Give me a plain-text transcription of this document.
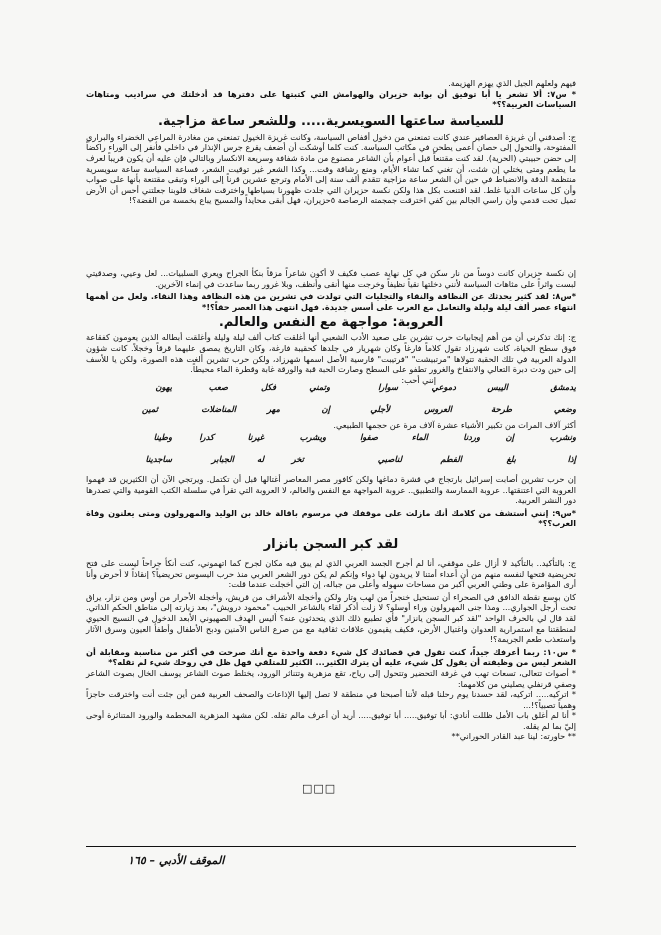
فيهم ولعلهم الجيل الذي يهزم الهزيمة.

* س٧: ألا تشعر يا أبا توفيق أن بوابة حزيران والهوامش التي كتبتها على دفترها قد أدخلتك في سراديب ومتاهات السياسات العربية؟؟*

للسياسة ساعتها السويسرية..... وللشعر ساعة مزاجية.

ج: أصدقني أن غريزة العصافير عندي كانت تمنعني من دخول أقفاص السياسة، وكانت غريزة الخيول تمنعني من مغادرة المراعي الخضراء والبراري المفتوحة، والتحول إلى حصان أعمى يطحن في مكاتب السياسة. كنت كلما أوشكت أن أضعف يقرع جرس الإنذار في داخلي فأنفر إلى الوراء راكضاً إلى حضن حبيبتي (الحرية). لقد كنت مقتنعاً قبل أعوام بأن الشاعر مصنوع من مادة شفافة وسريعة الانكسار وبالتالي فإن عليه أن يكون قريباً لعرف ما يطعم ومتى يختلي إن شئت، أن تغني كما تشاء الأيام، ومنع رشاقة وقت... وكذا الشعر غير توقيت الشعر، فساعة السياسة ساعة سويسرية منتظمة الدقة والانضباط في حين أن الشعر ساعة مزاجية تتقدم ألف سنة إلى الأمام وترجع عشرين قرناً إلى الوراء وتبقى مقتنعة بأنها على صواب وأن كل ساعات الدنيا غلط. لقد اقتنعت بكل هذا ولكن نكسة حزيران التي جلدت ظهورنا بسياطها واخترقت شغاف قلوبنا جعلتني أحس أن الأرض تميل تحت قدمي وأن راسي الجالم بين كفي اخترقت جمجمته الرصاصة ٥حزيران، فهل أبقى محايداً والمسيح يباع بخمسة من الفضة؟!

إن نكسة حزيران كانت دوساً من نار سكن في كل نهاية عصب فكيف لا أكون شاعراً مزقاً بنكأ الجراح ويعري السلبيات... لعل وعيي، وصدقيتي لبست واثراً على مثاهات السياسة لأنني دخلتها نقياً نظيفاً وخرجت منها أنقى وأنظف، وبلا غرور ربما ساعدت في إنماء الآخرين.

*س٨: لقد كثير يحدثك عن النظافة والنقاء والتجليات التي تولدت في تشرين من هذه النظافة وهذا النقاء. ولعل من أهمها انتهاء عصر ألف ليلة وليلة والتعامل مع العرب على أسس جديدة. فهل انتهى هذا العصر حقاً؟!*

العروبة: مواجهة مع النفس والعالم.

ج: إنك تذكرني أن من أهم إيجابيات حرب تشرين على صعيد الأدب الشعبي أنها أغلقت كتاب ألف ليلة وليلة وأغلقت أبطاله الذين يعومون كفقاعة فوق سطح الحياة، كانت شهرزاد تقول كلاماً فارغاً وكان شهريار في جلدها كحقيبة فارغة، وكان التاريخ يمصق عليهما قرقاً وخجلاً. كانت شؤون الدولة العربية في تلك الحقبة تتولاها "مرتبيشت" "فرتيبت" فارسية الأصل اسمها شهرزاد، ولكن حرب تشرين ألغت هذه الصورة، ولكن يا للأسف إلى حين ودت دبرة التعالي والانتفاخ والغرور تطفو على السطح وصارت الحبة قبة والورقة غابة وقطرة الماء محيطاً.

إنني أحب:

يدمشق
اليبس
دموعي
سوارا
وتمني
فكل
صعب
يهون
وضعي
طرحة
العروس
لأجلي
إن
مهر
المناضلات
ثمين

أكثر آلاف المرات من تكبير الأشياء عشرة آلاف مرة عن حجمها الطبيعي.

ونشرب
إن
وردنا
الماء
صفوا
ويشرب
غيرنا
كدرا
وطينا
إذا
بلغ
الفطم
لناصبي
تخر
له
الجبابر
ساجدينا

إن حرب تشرين أصابت إسرائيل بارتجاج في قشرة دماغها ولكن كافور مصر المعاصر أغتالها قبل أن تكتمل. ويرتجي الآن أن الكثيرين قد فهموا العروبة التي اعتنقتها.. عروبة الممارسة والتطبيق.. عروبة المواجهة مع النفس والعالم، لا العروبة التي تقرأ في سلسلة الكتب القومية والتي تصدرها دور النشر العربية.

*س٩: إنني أستشف من كلامك أنك مازلت على موقفك في مرسوم باقالة خالد بن الوليد والمهرولون ومتى يعلنون وفاة العرب؟؟*

لقد كبر السجن بانزار

ج: بالتأكيد.. بالتأكيد لا أزال على موقفي، أنا لم أجرح الجسد العربي الذي لم يبق فيه مكان لجرح كما اتهموني، كنت أنكأ جراحاً ليست على فتح تحريضية فتحها لنفسه منهم من أن أعداء أمتنا لا يريدون لها دواء وإنكم لم يكن دور الشعر العربي منذ حرب اليسوس تحريضياً؟ إنقاذاً لا أحرض وأنا أرى المؤامرة على وطني العربي أكبر من مساحات سهوله وأعلى من جباله، إن التي أخجلت عندما قلت:

كان بوسع نقطة الدافق في الصحراء أن تستحيل خنجراً من لهب وتار ولكن وأخجلة الأشراف من قريش، وأخجلة الأحرار من أوس ومن نزار، يراق تحت أرجل الجواري... ومذا جنى المهرولون وراء أوسلو؟ لا زلت أذكر لقاء بالشاعر الحبيب "محمود درويش"، بعد زيارته إلى مناطق الحكم الذاتي. لقد قال لي بالحرف الواحد "لقد كبر السجن يانزار" فأي تطبيع ذلك الذي يتحدثون عنه؟ أليس الهدف الصهيوني الأبعد الدخول في النسيج الحيوي لمنطقتنا مع استمرارية العدوان واغتيال الأرض، فكيف يقيمون علاقات ثقافية مع من صرع الناس الآمنين ودبح الأطفال وأطفأ العيون وسرق الآثار واستعذب طعم الجريمة؟!

* س١٠: ربما أعرفك جيداً، كنت تقول في قصائدك كل شيء دفعة واحدة مع أنك صرحت في أكثر من مناسبة ومقابلة أن الشعر ليس من وظيفته أن يقول كل شيء، عليه أن يترك الكثير... الكثير للمتلقي فهل ظل في روحك شيء لم تقله؟*

* أصوات تتعالى، تسعات تهب في غرفة التحضير وتتحول إلى رياح، تقع مزهرية وتتناثر الورود، يختلط صوت الشاعر يوسف الخال بصوت الشاعر وصفي قرنفلي يصليني من كلامهما:

* اتركيه..... اتركيه، لقد حسدنا يوم رحلنا قبله لأننا أصبحنا في منطقة لا تصل إليها الإذاعات والصحف العربية فمن أين جئت أنت واخترقت حاجزاً وهمياً تصبياً؟!...

* أنا لم أغلق باب الأمل ظللت أنادي: أبا توفيق..... أبا توفيق..... أريد أن أعرف مالم تقله. لكن مشهد المزهرية المحطمة والورود المتناثرة أوحى إليّ بما لم يقله.

** حاورته: لينا عبد القادر الحوراني**

□□□
الموقف الأدبي – ١٦٥
